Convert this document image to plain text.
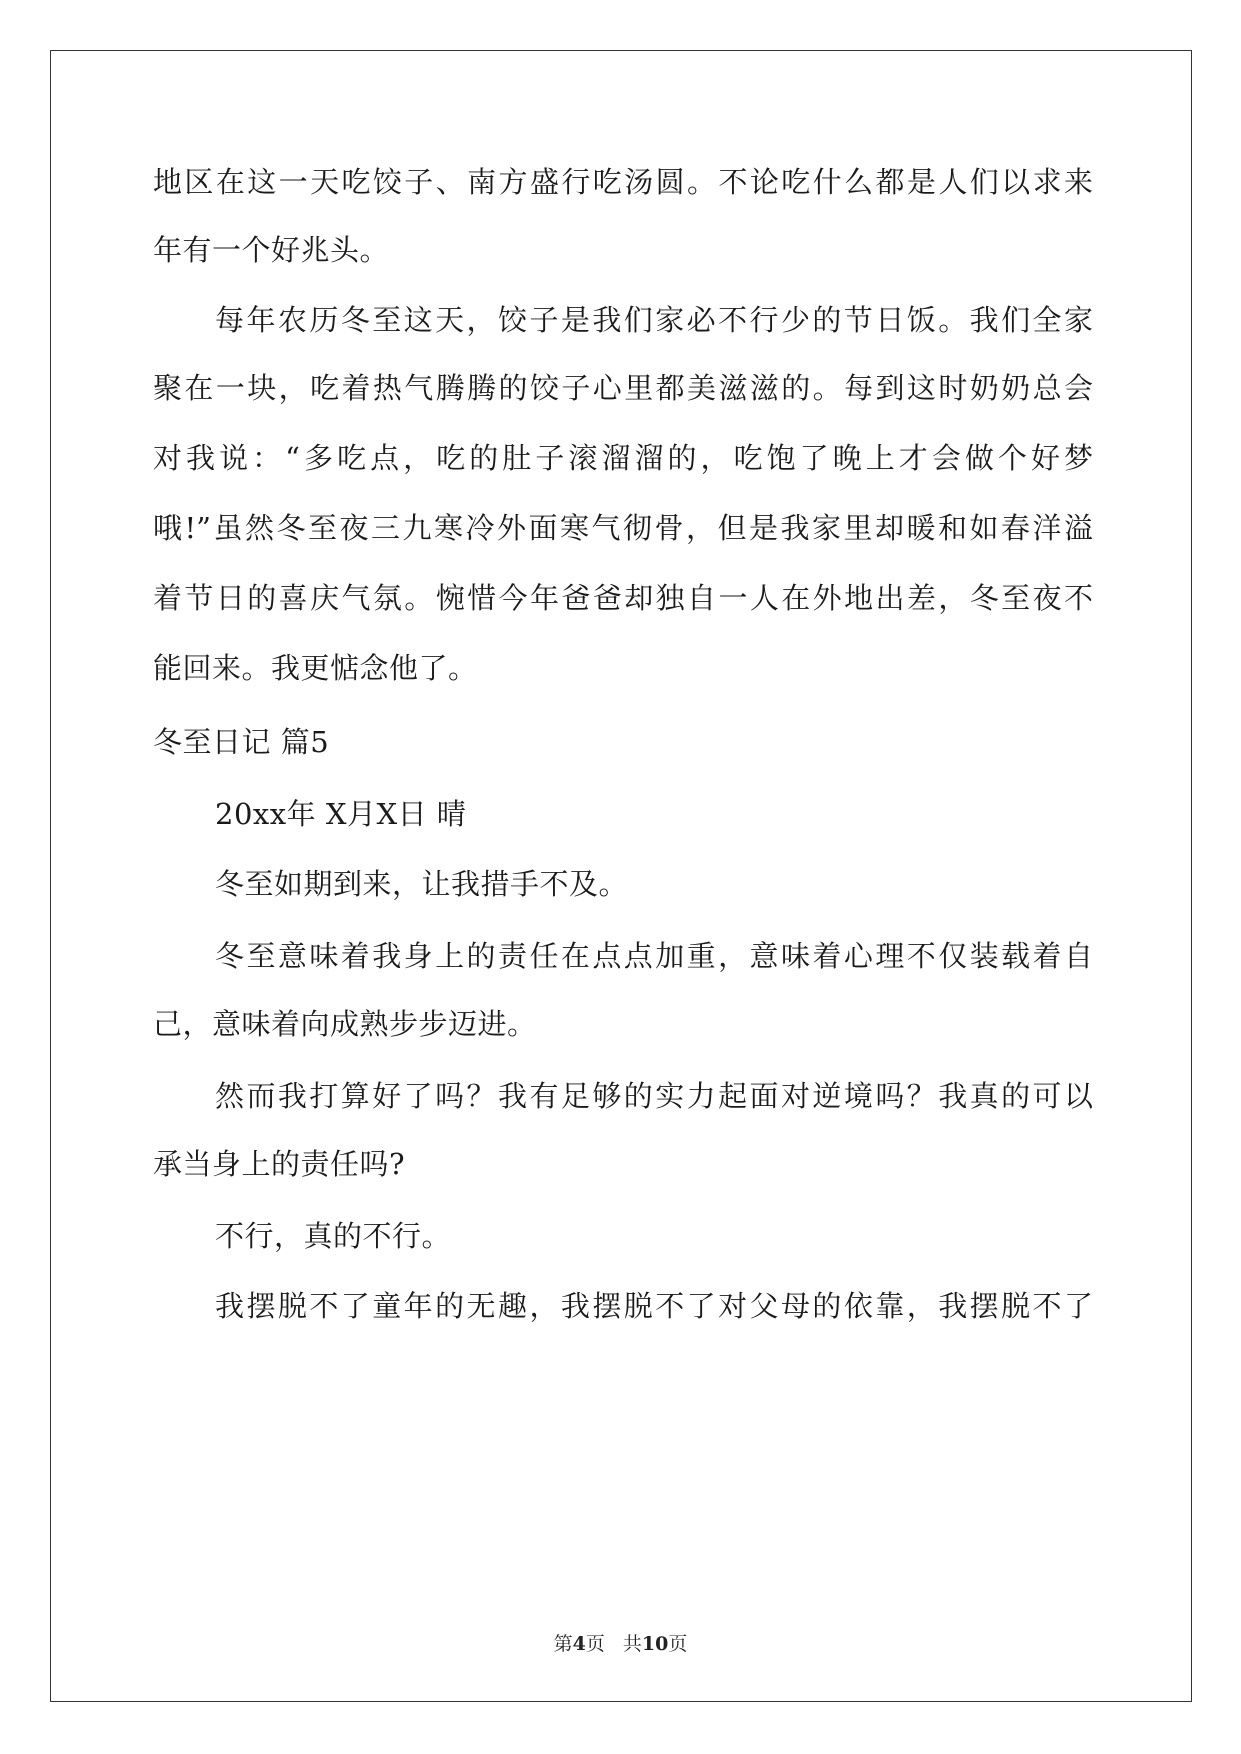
地区在这一天吃饺子、南方盛行吃汤圆。不论吃什么都是人们以求来
年有一个好兆头。
每年农历冬至这天，饺子是我们家必不行少的节日饭。我们全家
聚在一块，吃着热气腾腾的饺子心里都美滋滋的。每到这时奶奶总会
对我说：“多吃点，吃的肚子滚溜溜的，吃饱了晚上才会做个好梦
哦!”虽然冬至夜三九寒冷外面寒气彻骨，但是我家里却暖和如春洋溢
着节日的喜庆气氛。惋惜今年爸爸却独自一人在外地出差，冬至夜不
能回来。我更惦念他了。
冬至日记 篇5
20xx年 X月X日 晴
冬至如期到来，让我措手不及。
冬至意味着我身上的责任在点点加重，意味着心理不仅装载着自
己，意味着向成熟步步迈进。
然而我打算好了吗？我有足够的实力起面对逆境吗？我真的可以
承当身上的责任吗?
不行，真的不行。
我摆脱不了童年的无趣，我摆脱不了对父母的依靠，我摆脱不了
第4页 共10页
